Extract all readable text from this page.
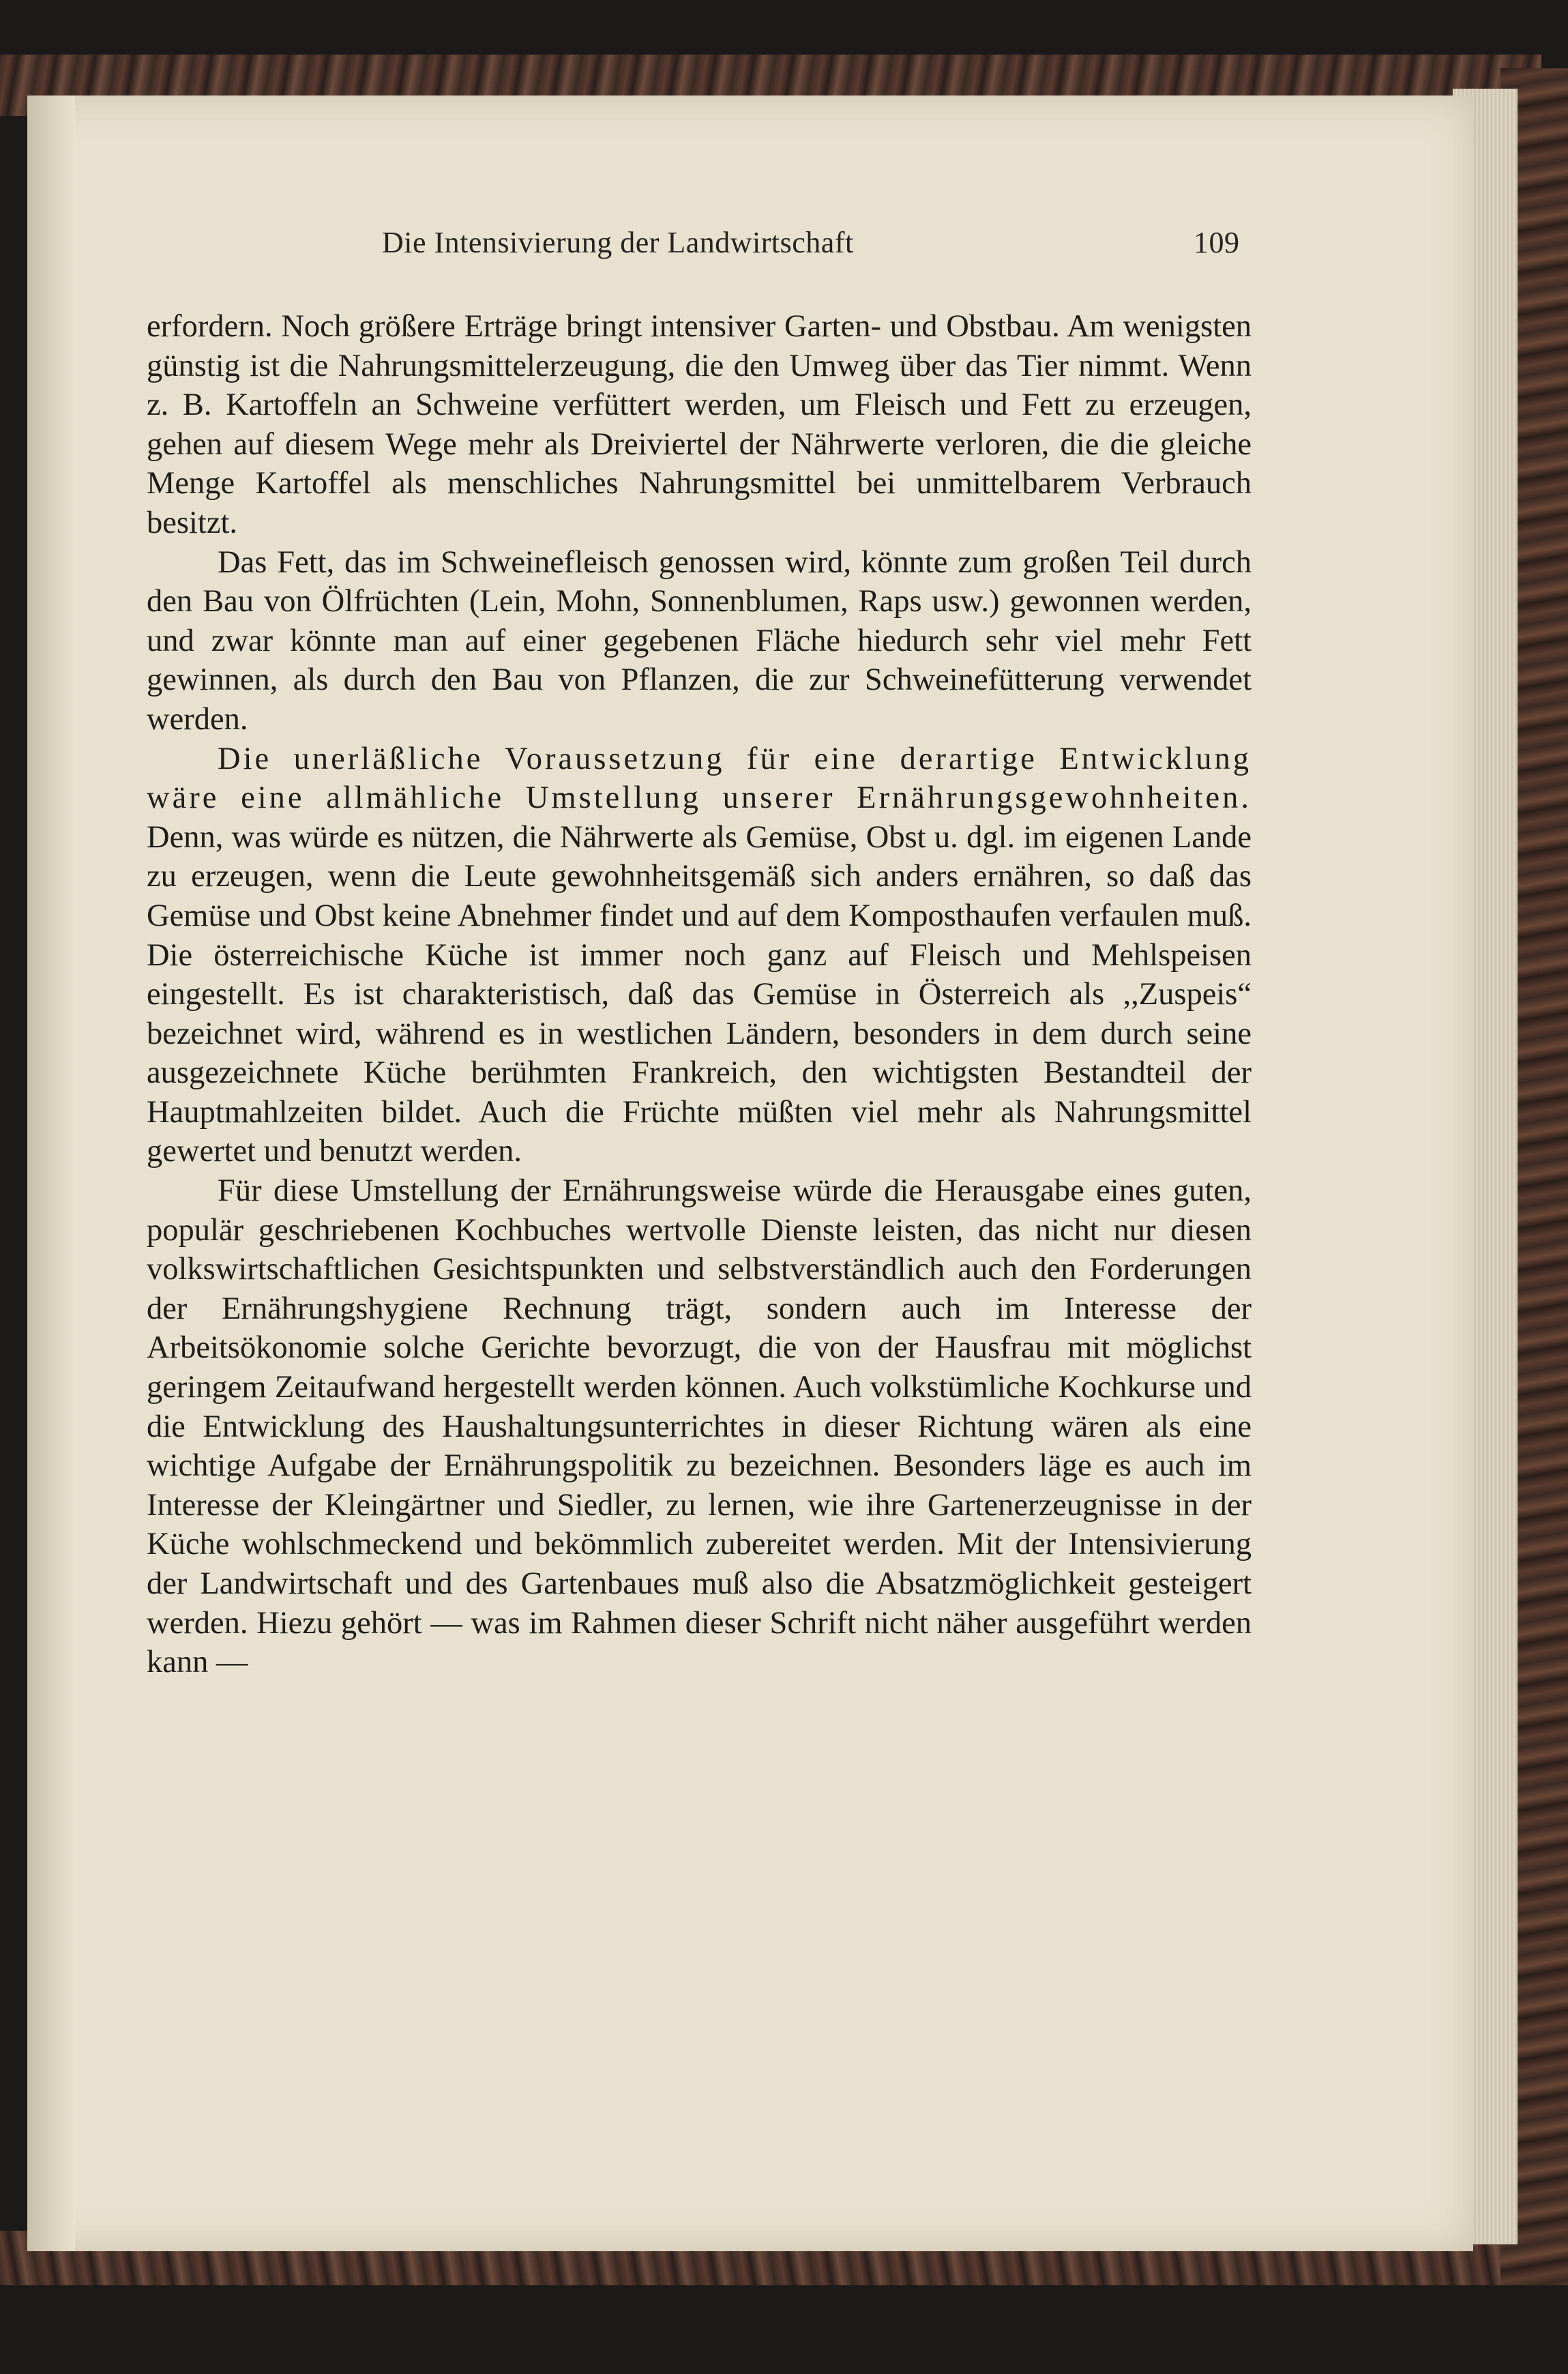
Die Intensivierung der Landwirtschaft	109

erfordern. Noch größere Erträge bringt intensiver Garten- und Obstbau. Am wenigsten günstig ist die Nahrungsmittelerzeugung, die den Umweg über das Tier nimmt. Wenn z. B. Kartoffeln an Schweine verfüttert werden, um Fleisch und Fett zu erzeugen, gehen auf diesem Wege mehr als Dreiviertel der Nährwerte verloren, die die gleiche Menge Kartoffel als menschliches Nahrungsmittel bei unmittelbarem Verbrauch besitzt.

Das Fett, das im Schweinefleisch genossen wird, könnte zum großen Teil durch den Bau von Ölfrüchten (Lein, Mohn, Sonnenblumen, Raps usw.) gewonnen werden, und zwar könnte man auf einer gegebenen Fläche hiedurch sehr viel mehr Fett gewinnen, als durch den Bau von Pflanzen, die zur Schweinefütterung verwendet werden.

Die unerläßliche Voraussetzung für eine derartige Entwicklung wäre eine allmähliche Umstellung unserer Ernährungsgewohnheiten. Denn, was würde es nützen, die Nährwerte als Gemüse, Obst u. dgl. im eigenen Lande zu erzeugen, wenn die Leute gewohnheitsgemäß sich anders ernähren, so daß das Gemüse und Obst keine Abnehmer findet und auf dem Komposthaufen verfaulen muß. Die österreichische Küche ist immer noch ganz auf Fleisch und Mehlspeisen eingestellt. Es ist charakteristisch, daß das Gemüse in Österreich als ,,Zuspeis“ bezeichnet wird, während es in westlichen Ländern, besonders in dem durch seine ausgezeichnete Küche berühmten Frankreich, den wichtigsten Bestandteil der Hauptmahlzeiten bildet. Auch die Früchte müßten viel mehr als Nahrungsmittel gewertet und benutzt werden.

Für diese Umstellung der Ernährungsweise würde die Herausgabe eines guten, populär geschriebenen Kochbuches wertvolle Dienste leisten, das nicht nur diesen volkswirtschaftlichen Gesichtspunkten und selbstverständlich auch den Forderungen der Ernährungshygiene Rechnung trägt, sondern auch im Interesse der Arbeitsökonomie solche Gerichte bevorzugt, die von der Hausfrau mit möglichst geringem Zeitaufwand hergestellt werden können. Auch volkstümliche Kochkurse und die Entwicklung des Haushaltungsunterrichtes in dieser Richtung wären als eine wichtige Aufgabe der Ernährungspolitik zu bezeichnen. Besonders läge es auch im Interesse der Kleingärtner und Siedler, zu lernen, wie ihre Gartenerzeugnisse in der Küche wohlschmeckend und bekömmlich zubereitet werden. Mit der Intensivierung der Landwirtschaft und des Gartenbaues muß also die Absatzmöglichkeit gesteigert werden. Hiezu gehört — was im Rahmen dieser Schrift nicht näher ausgeführt werden kann —
